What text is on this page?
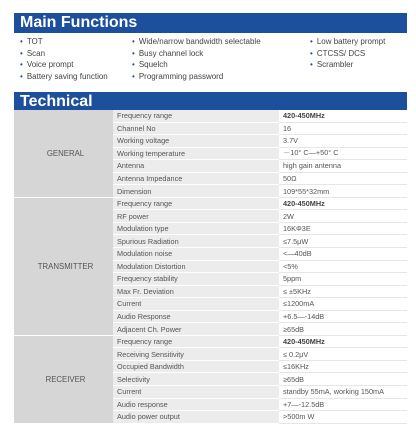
Main Functions
• TOT
• Scan
• Voice prompt
• Battery saving function
• Wide/narrow bandwidth selectable
• Busy channel lock
• Squelch
• Programming password
• Low battery prompt
• CTCSS/ DCS
• Scrambler
Technical
GENERAL	Frequency range	420-450MHz
	Channel No	16
	Working voltage	3.7V
	Working temperature	－10° C—+50° C
	Antenna	high gain antenna
	Antenna Impedance	50Ω
	Dimension	109*55*32mm
TRANSMITTER	Frequency range	420-450MHz
	RF power	2W
	Modulation type	16KΦ3E
	Spurious Radiation	≤7.5μW
	Modulation noise	<—40dB
	Modulation Distortion	<5%
	Frequency stability	5ppm
	Max Fr. Deviation	≤ ±5KHz
	Current	≤1200mA
	Audio Response	+6.5—-14dB
	Adjacent Ch. Power	≥65dB
RECEIVER	Frequency range	420-450MHz
	Receiving Sensitivity	≤ 0.2μV
	Occupied Bandwidth	≤16KHz
	Selectivity	≥65dB
	Current	standby 55mA, working 150mA
	Audio response	+7—-12.5dB
	Audio power output	>500m W
